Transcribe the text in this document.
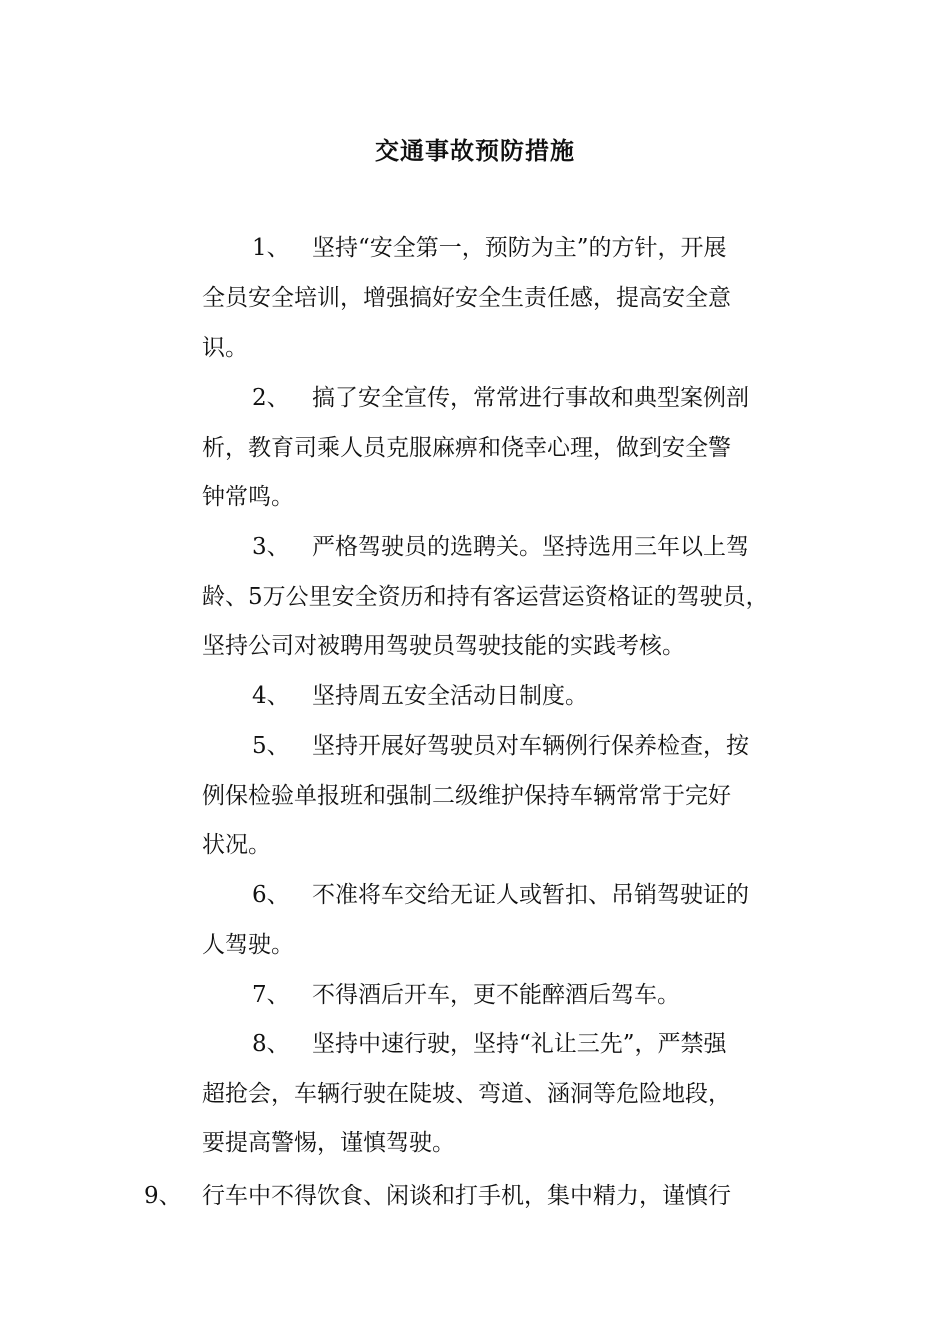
交通事故预防措施
1、 坚持“安全第一，预防为主”的方针，开展
全员安全培训，增强搞好安全生责任感，提高安全意
识。
2、 搞了安全宣传，常常进行事故和典型案例剖
析，教育司乘人员克服麻痹和侥幸心理，做到安全警
钟常鸣。
3、 严格驾驶员的选聘关。坚持选用三年以上驾
龄、5万公里安全资历和持有客运营运资格证的驾驶员，
坚持公司对被聘用驾驶员驾驶技能的实践考核。
4、 坚持周五安全活动日制度。
5、 坚持开展好驾驶员对车辆例行保养检查，按
例保检验单报班和强制二级维护保持车辆常常于完好
状况。
6、 不准将车交给无证人或暂扣、吊销驾驶证的
人驾驶。
7、 不得酒后开车，更不能醉酒后驾车。
8、 坚持中速行驶，坚持“礼让三先”，严禁强
超抢会，车辆行驶在陡坡、弯道、涵洞等危险地段，
要提高警惕，谨慎驾驶。
9、 行车中不得饮食、闲谈和打手机，集中精力，谨慎行
